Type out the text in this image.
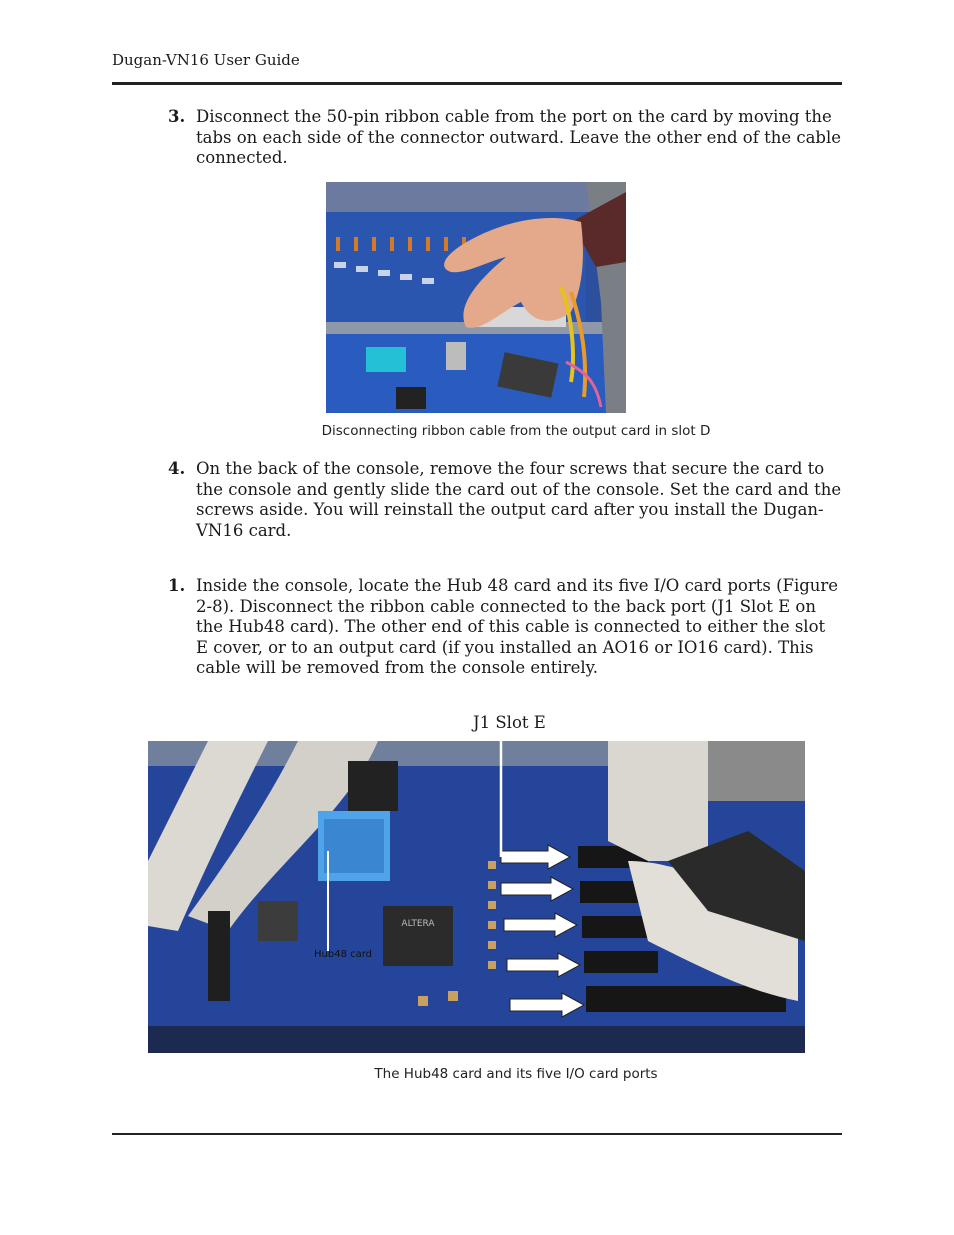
Dugan-VN16 User Guide
3. Disconnect the 50-pin ribbon cable from the port on the card by moving the tabs on each side of the connector outward. Leave the other end of the cable connected.
Disconnecting ribbon cable from the output card in slot D
4. On the back of the console, remove the four screws that secure the card to the console and gently slide the card out of the console. Set the card and the screws aside. You will reinstall the output card after you install the Dugan-VN16 card.
1. Inside the console, locate the Hub 48 card and its five I/O card ports (Figure 2-8). Disconnect the ribbon cable connected to the back port (J1 Slot E on the Hub48 card). The other end of this cable is connected to either the slot E cover, or to an output card (if you installed an AO16 or IO16 card). This cable will be removed from the console entirely.
J1 Slot E
ALTERA
Hub48 card
The Hub48 card and its five I/O card ports
